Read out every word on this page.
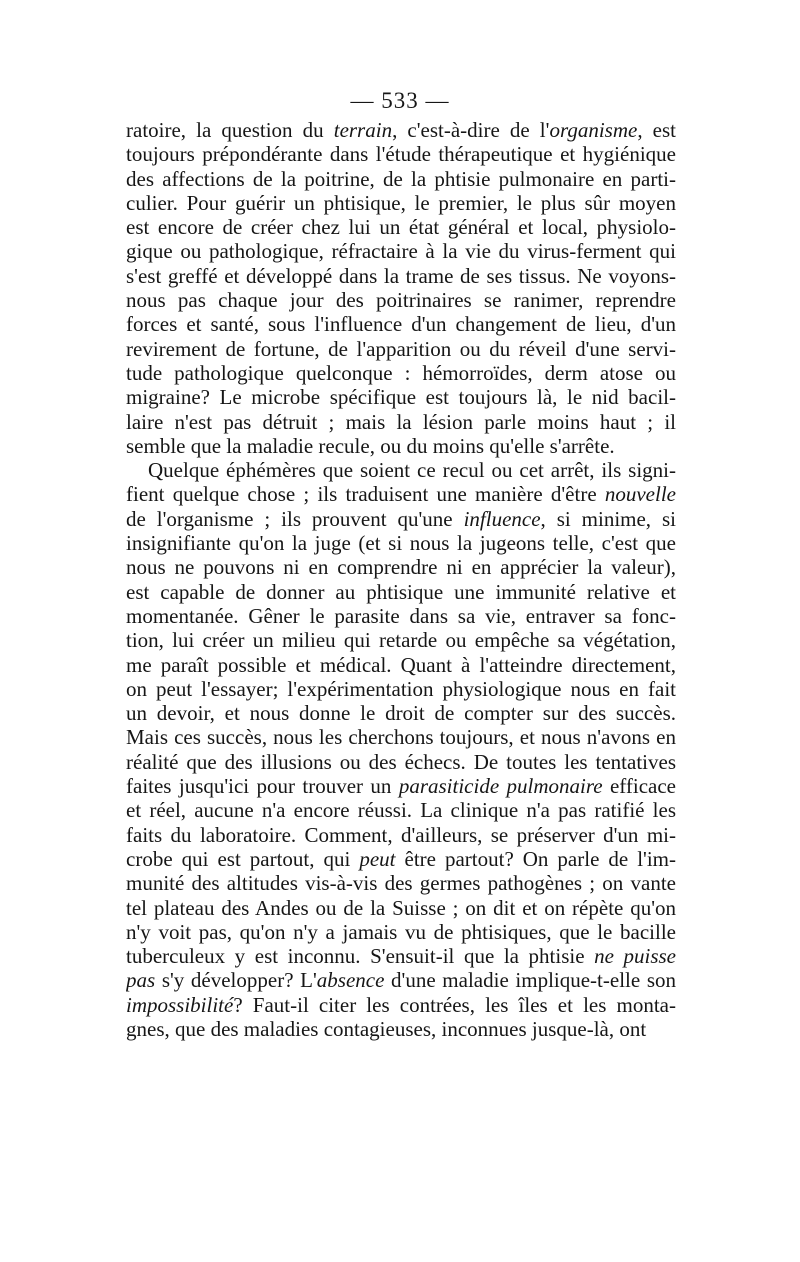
— 533 —
ratoire, la question du terrain, c'est-à-dire de l'organisme, est
toujours prépondérante dans l'étude thérapeutique et hygiénique
des affections de la poitrine, de la phtisie pulmonaire en parti-
culier. Pour guérir un phtisique, le premier, le plus sûr moyen
est encore de créer chez lui un état général et local, physiolo-
gique ou pathologique, réfractaire à la vie du virus-ferment qui
s'est greffé et développé dans la trame de ses tissus. Ne voyons-
nous pas chaque jour des poitrinaires se ranimer, reprendre
forces et santé, sous l'influence d'un changement de lieu, d'un
revirement de fortune, de l'apparition ou du réveil d'une servi-
tude pathologique quelconque : hémorroïdes, derm atose ou
migraine? Le microbe spécifique est toujours là, le nid bacil-
laire n'est pas détruit ; mais la lésion parle moins haut ; il
semble que la maladie recule, ou du moins qu'elle s'arrête.
Quelque éphémères que soient ce recul ou cet arrêt, ils signi-
fient quelque chose ; ils traduisent une manière d'être nouvelle
de l'organisme ; ils prouvent qu'une influence, si minime, si
insignifiante qu'on la juge (et si nous la jugeons telle, c'est que
nous ne pouvons ni en comprendre ni en apprécier la valeur),
est capable de donner au phtisique une immunité relative et
momentanée. Gêner le parasite dans sa vie, entraver sa fonc-
tion, lui créer un milieu qui retarde ou empêche sa végétation,
me paraît possible et médical. Quant à l'atteindre directement,
on peut l'essayer; l'expérimentation physiologique nous en fait
un devoir, et nous donne le droit de compter sur des succès.
Mais ces succès, nous les cherchons toujours, et nous n'avons en
réalité que des illusions ou des échecs. De toutes les tentatives
faites jusqu'ici pour trouver un parasiticide pulmonaire efficace
et réel, aucune n'a encore réussi. La clinique n'a pas ratifié les
faits du laboratoire. Comment, d'ailleurs, se préserver d'un mi-
crobe qui est partout, qui peut être partout? On parle de l'im-
munité des altitudes vis-à-vis des germes pathogènes ; on vante
tel plateau des Andes ou de la Suisse ; on dit et on répète qu'on
n'y voit pas, qu'on n'y a jamais vu de phtisiques, que le bacille
tuberculeux y est inconnu. S'ensuit-il que la phtisie ne puisse
pas s'y développer? L'absence d'une maladie implique-t-elle son
impossibilité? Faut-il citer les contrées, les îles et les monta-
gnes, que des maladies contagieuses, inconnues jusque-là, ont
